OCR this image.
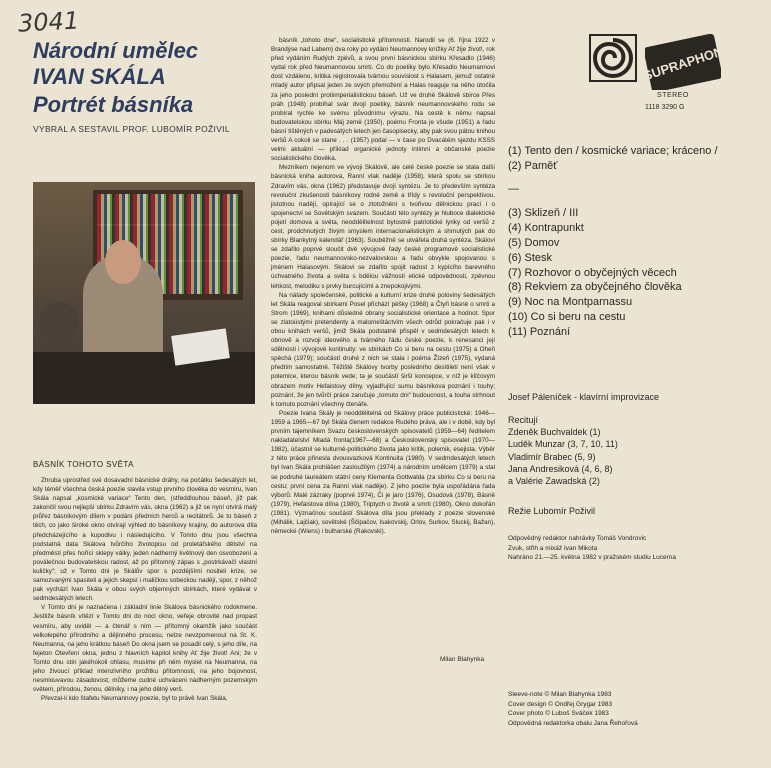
3041
Národní umělec
IVAN SKÁLA
Portrét básníka
VYBRAL A SESTAVIL PROF. LUBOMÍR POŽIVIL
BÁSNÍK TOHOTO SVĚTA

Zhruba uprostřed své dosavadní básnické dráhy, na počátku šedesátých let, kdy téměř všechna česká poezie slavila vstup prvního člověka do vesmíru, Ivan Skála napsal „kosmické variace“ Tento den, (středdlouhou báseň, jíž pak zakončil svou nejlepší sbírku Zdravím vás, okna (1962) a již se nyní otvírá malý průřez básníkovým dílem v podání předních herců a recitátorů. Je to báseň z těch, co jako široké okno otvírají výhled do básníkovy krajiny, do autorova díla předcházejícího a kupodivu i následujícího. V Tomto dnu jsou všechna podstatná data Skálova tvůrčího životopisu od proletářského dětství na předměstí přes hořící sklepy války, jeden nádherný květnový den osvobození a poválečnou budovatelskou radost, až po přítomný zápas s „postrkávačí vlastní kuličky“; už v Tomto dni je Skálův spor s pozdějšími nositeli krize, se samozvanými spasiteli a jejich skepsí i maličkou sobeckou nadějí, spor, z něhož pak vychází Ivan Skála v obou svých objemných sbírkách, které vydával v sedmdesátých letech.

V Tomto dni je naznačena i základní linie Skálova básnického rodokmene. Jestliže básník vítězí v Tomto dni do noci okno, veřeje obrovité nad propast vesmíru, aby uviděl — a čtenář s ním — přítomný okamžik jako součást velkolepého přírodního a dějinného procesu, nelze nevzpomenout na St. K. Neumanna, na jeho krátkou báseň Do okna jsem se posadil celý, s jeho díle, na fejeton Otevření okna, jednu z hlavních kapitol knihy Ať žije život! Ani; že v Tomto dnu stín jakéhokoli ohlasu, musíme při něm myslet na Neumanna, na jeho živoucí příklad intenzívního prožitku přítomnosti, na jeho bojovnost, nesmlouvavou zásadovost, můžeme cudné uchváceni nádherným pozemským světem, přírodou, ženou, dělníky, i na jeho dělný verš.

Převzal-li kdo štafetu Neumannovy poezie, byl to právě Ivan Skála,

básník „tohoto dne“, socialistické přítomnosti. Narodil se (6. října 1922 v Brandýse nad Labem) dva roky po vydání Neumannovy knížky Ať žije život!, rok před vydáním Rudých zpěvů, a svou první básnickou sbírku Křesadlo (1946) vydal rok před Neumannovou smrtí. Co do poetiky bylo Křesadlo Neumannovi dost vzdáleno, kritika registrovala tvárnou souvislost s Halasem, jemuž ostatně mladý autor připsal jeden ze svých přemožení a Halas reaguje na něho útočila za jeho poslední protiimperialistickou báseň. Už ve druhé Skálově sbírce Přes práh (1948) probíhal svár dvojí poetiky, básník neumannovského rodu se probíral rychle ke svému původnímu výrazu. Na cestě k němu napsal budovatelskou sbírku Máj země (1950), poému Fronta je všude (1951) a řadu básní tištěných v padesátých letech jen časopisecky, aby pak svou pátou knihou veršů A cokoli se stane . . . (1957) podal — v čase po Dvacátém sjezdu KSSS velmi aktuální — příklad organické jednoty intimní a občanské poezie socialistického člověka.

Mezníkem nejenom ve vývoji Skálově, ale celé české poezie se stala další básnická kniha autorova, Ranní vlak naděje (1958), která spolu se sbírkou Zdravím vás, okna (1962) představuje dvojí syntézu. Je to především syntéza revoluční zkušenosti básníkovy rodné země a třídy s revoluční perspektivou, jistotnou nadějí, opírající se o ztotožnění s tvořivou dělnickou prací i o spojenectví se Sovětským svazem. Součástí této syntézy je hluboce dialektické pojetí domova a světa, neoddělitelnost bytostně patriotické lyriky od veršů z cest, prodchnutých živým smyslem internacionalistickým a shrnutých pak do sbírky Blankytný kalendář (1963). Souběžně se utvářela druhá syntéza. Skálovi se zdařilo poprvé sloučit dvě vývojové řady české programově socialistické poezie, řadu neumannovsko-nezvalovskou a řadu obvykle spojovanou s jménem Halasovým. Skálovi se zdařilo spojit radost z kypícího barevného úchvatného života a světa s bdělou vážností etické odpovědnosti, zpěvnou lehkost, melodiku s prvky burcujícími a znepokojivými.

Na nálady společenské, politické a kulturní krize druhé poloviny šedesátých let Skála reagoval sbírkami Posel přichází pěšky (1968) a Čtyři básně o smrti a Strom (1969), knihami důsledné obrany socialistické orientace a hodnot. Spor se zlatoústými pretendenty a malomeštáctvím všech odrůd pokračuje pak i v obou knihách veršů, jimiž Skála podstatně přispěl v sedmdesátých letech k obnově a rozvoji ideového a tvárného řádu české poezie, k renesanci její sdělnosti i vývojové kontinuity: ve sbírkách Co si beru na cestu (1975) a Oheň spěchá (1979); součástí druhé z nich se stala i poéma Žízeň (1975), vydaná předtím samostatně. Těžiště Skálovy tvorby posledního desítiletí není však v polemice, kterou básník vede; ta je součástí širší koncepce, v níž je klíčovým obrazem motiv Hefaistovy dílny, vyjadřující sumu básníkova poznání i touhy; poznání, že jen tvůrčí práce zaručuje „tomuto dni“ budoucnost, a touha strhnout k tomuto poznání všechny čtenáře.

Poezie Ivana Skály je neoddělitelná od Skálovy práce publicistické: 1946—1959 a 1965—67 byl Skála členem redakce Rudého práva, ale i v době, kdy byl prvním tajemníkem Svazu československých spisovatelů (1959—64) ředitelem nakladatelství Mladá fronta(1967—68) a Československý spisovatel (1970—1982), účastnil se kulturně-politického života jako kritik, polemik, esejista. Výběr z této práce přinesla dvousvazková Kontinuita (1980). V sedmdesátých letech byl Ivan Skála prohlášen zasloužilým (1974) a národním umělcem (1979) a stal se podruhé laureátem státní ceny Klementa Gottwalda (za sbírku Co si beru na cestu; první cena za Ranní vlak naděje). Z jeho poezie byla uspořádána řada výborů: Malé zázraky (poprvé 1974), Či je jaro (1976), Osudová (1978), Básně (1979), Hefaistova dílna (1980), Triptych o životě a smrti (1980), Okno dokořán (1981). Význačnou součástí Skálova díla jsou překlady z poezie slovenské (Mihálik, Lajčiak), sovětské (Ščipačov, Isakovskij, Orlov, Surkov, Sluckij, Bažan), německé (Wiens) i bulharské (Rakovski).

Milan Blahynka
SUPRAPHON
STEREO
1118 3290 G
(1) Tento den / kosmické variace; kráceno /
(2) Paměť
—
(3) Sklizeň / III
(4) Kontrapunkt
(5) Domov
(6) Stesk
(7) Rozhovor o obyčejných věcech
(8) Rekviem za obyčejného člověka
(9) Noc na Montparnassu
(10) Co si beru na cestu
(11) Poznání
Josef Páleníček - klavírní improvizace
Recitují
Zdeněk Buchvaldek (1)
Luděk Munzar (3, 7, 10, 11)
Vladimír Brabec (5, 9)
Jana Andresiková (4, 6, 8)
a Valérie Zawadská (2)
Režie Lubomír Poživil
Odpovědný redaktor nahrávky Tomáš Vondrovic
Zvuk, střih a mixáž Ivan Mikota
Nahráno 21.—25. května 1982 v pražském studiu Lucerna
Sleeve-note © Milan Blahynka 1983
Cover design © Ondřej Grygar 1983
Cover photo © Luboš Sváček 1983
Odpovědná redaktorka obalu Jana Řehořová
